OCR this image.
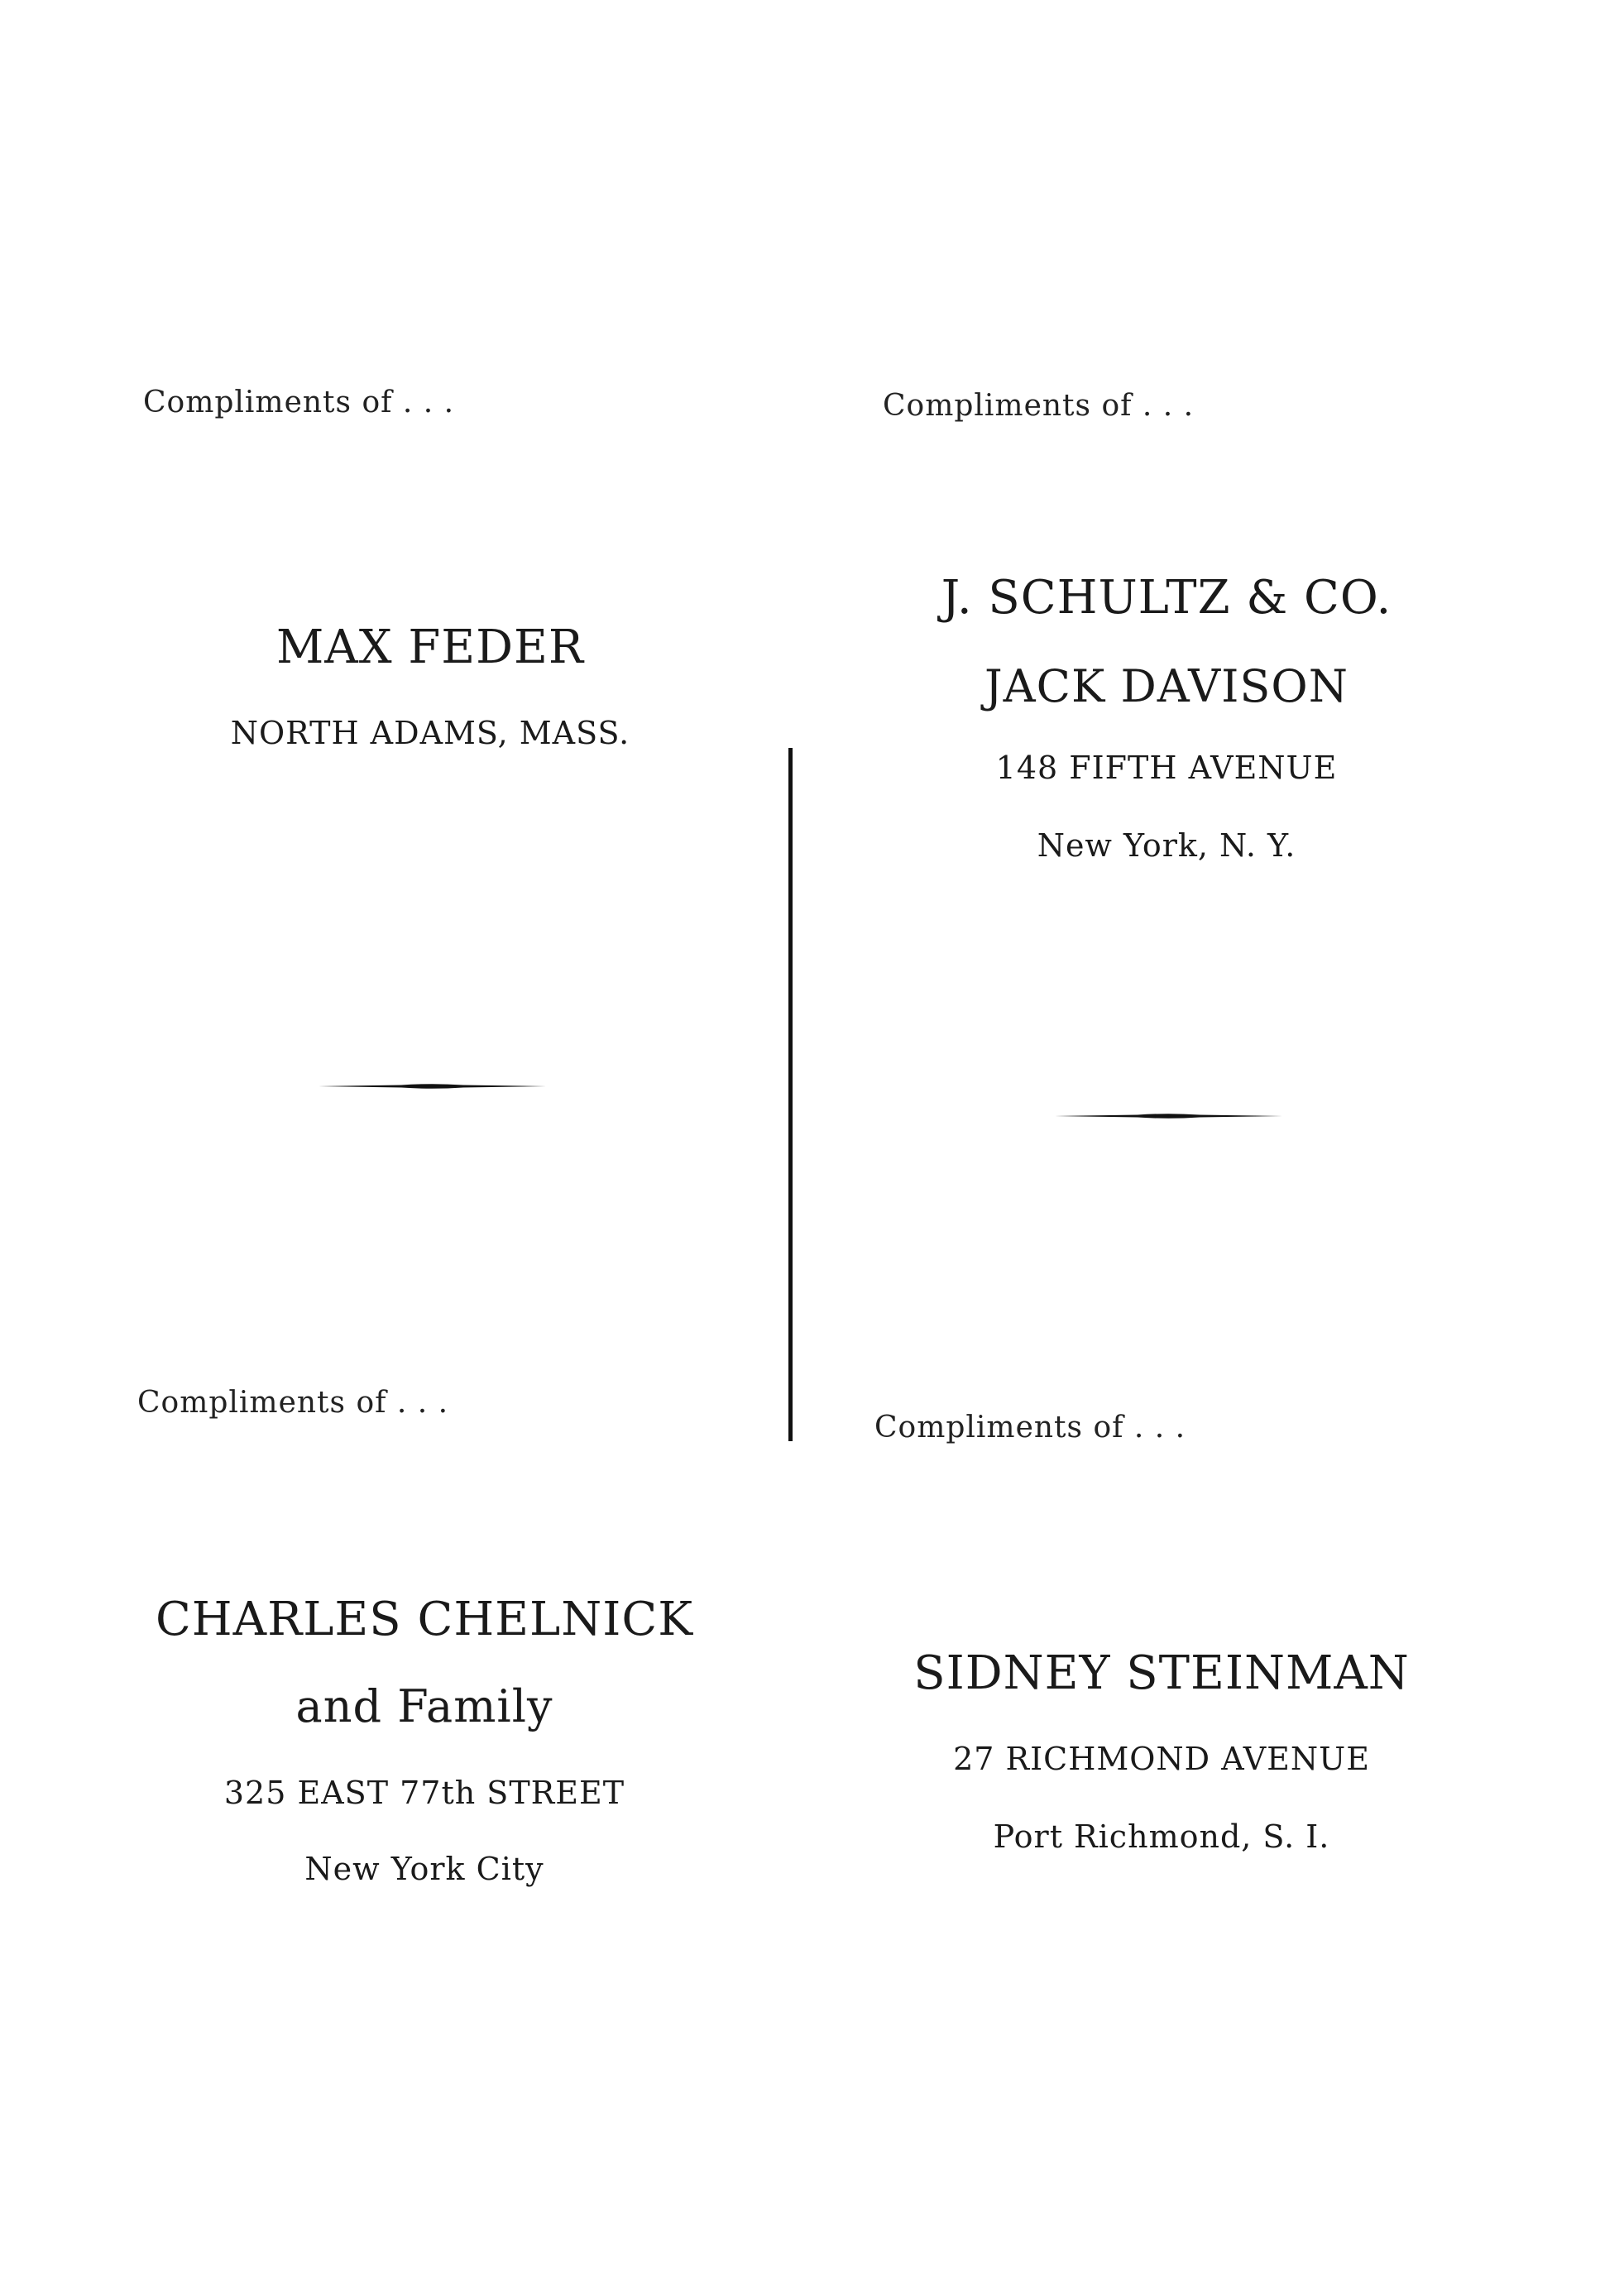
Compliments of . . .
MAX FEDER
NORTH ADAMS, MASS.
Compliments of . . .
J. SCHULTZ & CO.
JACK DAVISON
148 FIFTH AVENUE
New York, N. Y.
Compliments of . . .
CHARLES CHELNICK
and Family
325 EAST 77th STREET
New York City
Compliments of . . .
SIDNEY STEINMAN
27 RICHMOND AVENUE
Port Richmond, S. I.
